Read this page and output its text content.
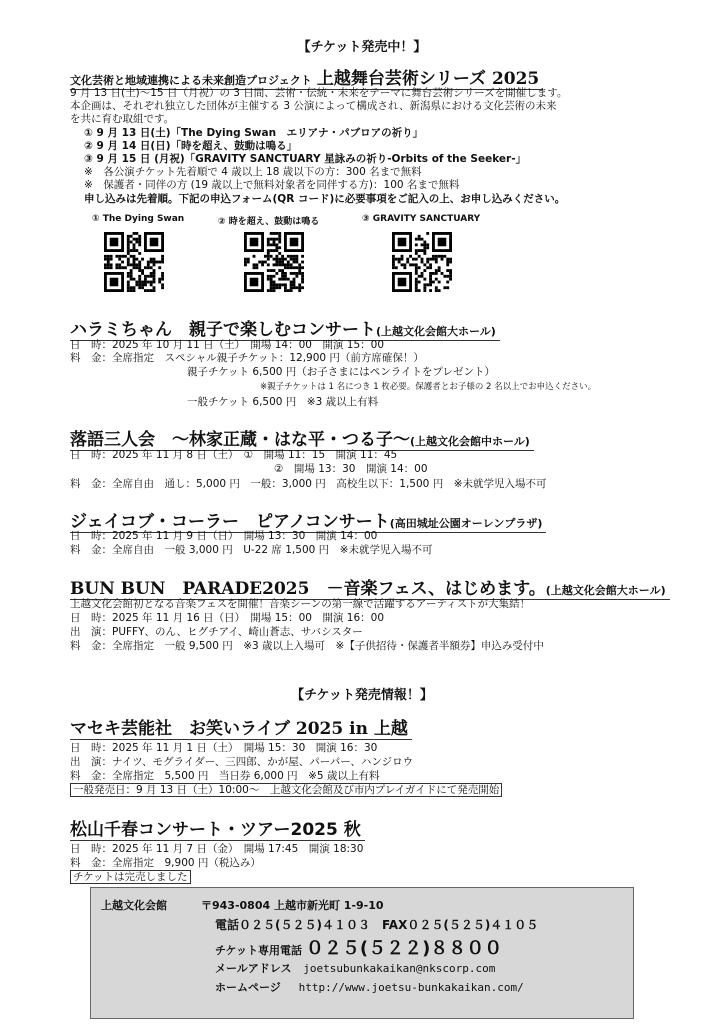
【チケット発売中！】
文化芸術と地域連携による未来創造プロジェクト 上越舞台芸術シリーズ 2025
9 月 13 日(土)～15 日（月祝）の 3 日間、芸術・伝統・未来をテーマに舞台芸術シリーズを開催します。
本企画は、それぞれ独立した団体が主催する 3 公演によって構成され、新潟県における文化芸術の未来
を共に育む取組です。
① 9 月 13 日(土)「The Dying Swan　エリアナ・パブロアの祈り」
② 9 月 14 日(日)「時を超え、鼓動は鳴る」
③ 9 月 15 日 (月祝)「GRAVITY SANCTUARY 星詠みの祈り-Orbits of the Seeker-」
※　各公演チケット先着順で 4 歳以上 18 歳以下の方：300 名まで無料
※　保護者・同伴の方 (19 歳以上で無料対象者を同伴する方)：100 名まで無料
申し込みは先着順。下記の申込フォーム(QR コード)に必要事項をご記入の上、お申し込みください。
① The Dying Swan	② 時を超え、鼓動は鳴る	③ GRAVITY SANCTUARY
ハラミちゃん　親子で楽しむコンサート(上越文化会館大ホール)
日　時：2025 年 10 月 11 日（土）　開場 14：00　開演 15：00
料　金：全席指定　スペシャル親子チケット：12,900 円（前方席確保！）
親子チケット 6,500 円（お子さまにはペンライトをプレゼント）
※親子チケットは 1 名につき 1 枚必要。保護者とお子様の 2 名以上でお申込ください。
一般チケット 6,500 円　※3 歳以上有料
落語三人会　～林家正蔵・はな平・つる子～(上越文化会館中ホール)
日　時：2025 年 11 月 8 日（土）　①　開場 11：15　開演 11：45
②　開場 13：30　開演 14：00
料　金：全席自由　通し：5,000 円　一般：3,000 円　高校生以下：1,500 円　※未就学児入場不可
ジェイコブ・コーラー　ピアノコンサート(高田城址公園オーレンプラザ)
日　時：2025 年 11 月 9 日（日）　開場 13：30　開演 14：00
料　金：全席自由　一般 3,000 円　U-22 席 1,500 円　※未就学児入場不可
BUN BUN　PARADE2025　－音楽フェス、はじめます。(上越文化会館大ホール)
上越文化会館初となる音楽フェスを開催！音楽シーンの第一線で活躍するアーティストが大集結！
日　時：2025 年 11 月 16 日（日）　開場 15：00　開演 16：00
出　演：PUFFY、のん、ヒグチアイ、崎山蒼志、サバシスター
料　金：全席指定　一般 9,500 円　※3 歳以上入場可　※【子供招待・保護者半額券】申込み受付中
【チケット発売情報！】
マセキ芸能社　お笑いライブ 2025 in 上越
日　時：2025 年 11 月 1 日（土）　開場 15：30　開演 16：30
出　演：ナイツ、モグライダー、三四郎、かが屋、パーパー、ハンジロウ
料　金：全席指定　5,500 円　当日券 6,000 円　※5 歳以上有料
一般発売日：9 月 13 日（土）10:00～　上越文化会館及び市内プレイガイドにて発売開始
松山千春コンサート・ツアー2025 秋
日　時：2025 年 11 月 7 日（金）　開場 17:45　開演 18:30
料　金：全席指定　9,900 円（税込み）
チケットは完売しました
上越文化会館	〒943-0804 上越市新光町 1-9-10
電話０２５(５２５)４１０３　FAX０２５(５２５)４１０５
チケット専用電話 ０２５(５２２)８８００
メールアドレス joetsubunkakaikan@nkscorp.com
ホームページ http://www.joetsu-bunkakaikan.com/
